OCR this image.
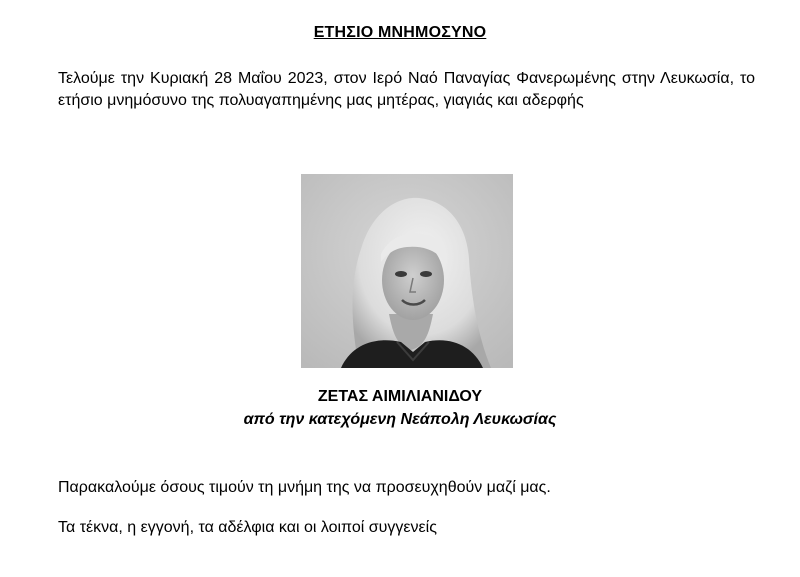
ΕΤΗΣΙΟ ΜΝΗΜΟΣΥΝΟ
Τελούμε την Κυριακή 28 Μαΐου 2023, στον Ιερό Ναό Παναγίας Φανερωμένης στην Λευκωσία, το ετήσιο μνημόσυνο της πολυαγαπημένης μας μητέρας, γιαγιάς και αδερφής
ΖΕΤΑΣ ΑΙΜΙΛΙΑΝΙΔΟΥ
από την κατεχόμενη Νεάπολη Λευκωσίας
Παρακαλούμε όσους τιμούν τη μνήμη της να προσευχηθούν μαζί μας.
Τα τέκνα, η εγγονή, τα αδέλφια και οι λοιποί συγγενείς
